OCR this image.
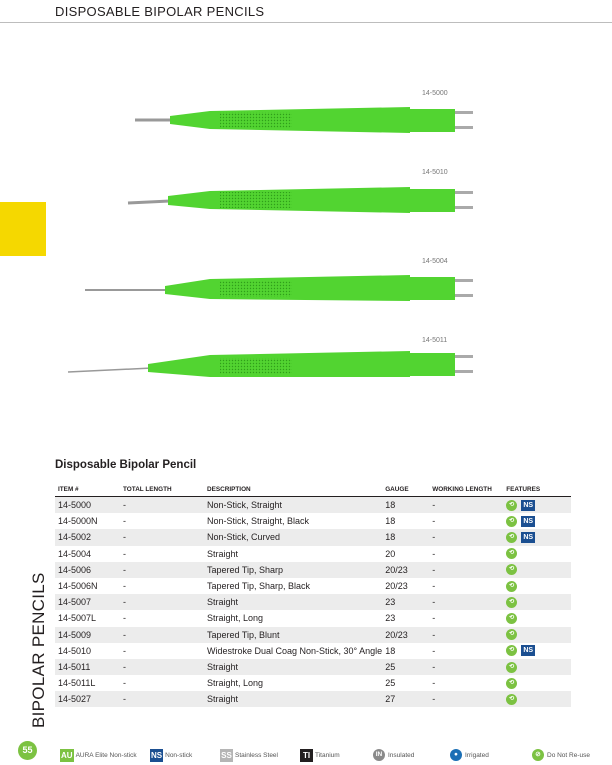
DISPOSABLE BIPOLAR PENCILS
BIPOLAR PENCILS
55
14-5000
14-5010
14-5004
14-5011
Disposable Bipolar Pencil
ITEM #	TOTAL LENGTH	DESCRIPTION	GAUGE	WORKING LENGTH	FEATURES
14-5000	-	Non-Stick, Straight	18	-	⟲ NS
14-5000N	-	Non-Stick, Straight, Black	18	-	⟲ NS
14-5002	-	Non-Stick, Curved	18	-	⟲ NS
14-5004	-	Straight	20	-	⟲
14-5006	-	Tapered Tip, Sharp	20/23	-	⟲
14-5006N	-	Tapered Tip, Sharp, Black	20/23	-	⟲
14-5007	-	Straight	23	-	⟲
14-5007L	-	Straight, Long	23	-	⟲
14-5009	-	Tapered Tip, Blunt	20/23	-	⟲
14-5010	-	Widestroke Dual Coag Non-Stick, 30° Angle	18	-	⟲ NS
14-5011	-	Straight	25	-	⟲
14-5011L	-	Straight, Long	25	-	⟲
14-5027	-	Straight	27	-	⟲
AU AURA Elite Non-stick NS Non-stick	SS Stainless Steel	TI Titanium	IN Insulated	●	Irrigated	⊘ Do Not Re-use
